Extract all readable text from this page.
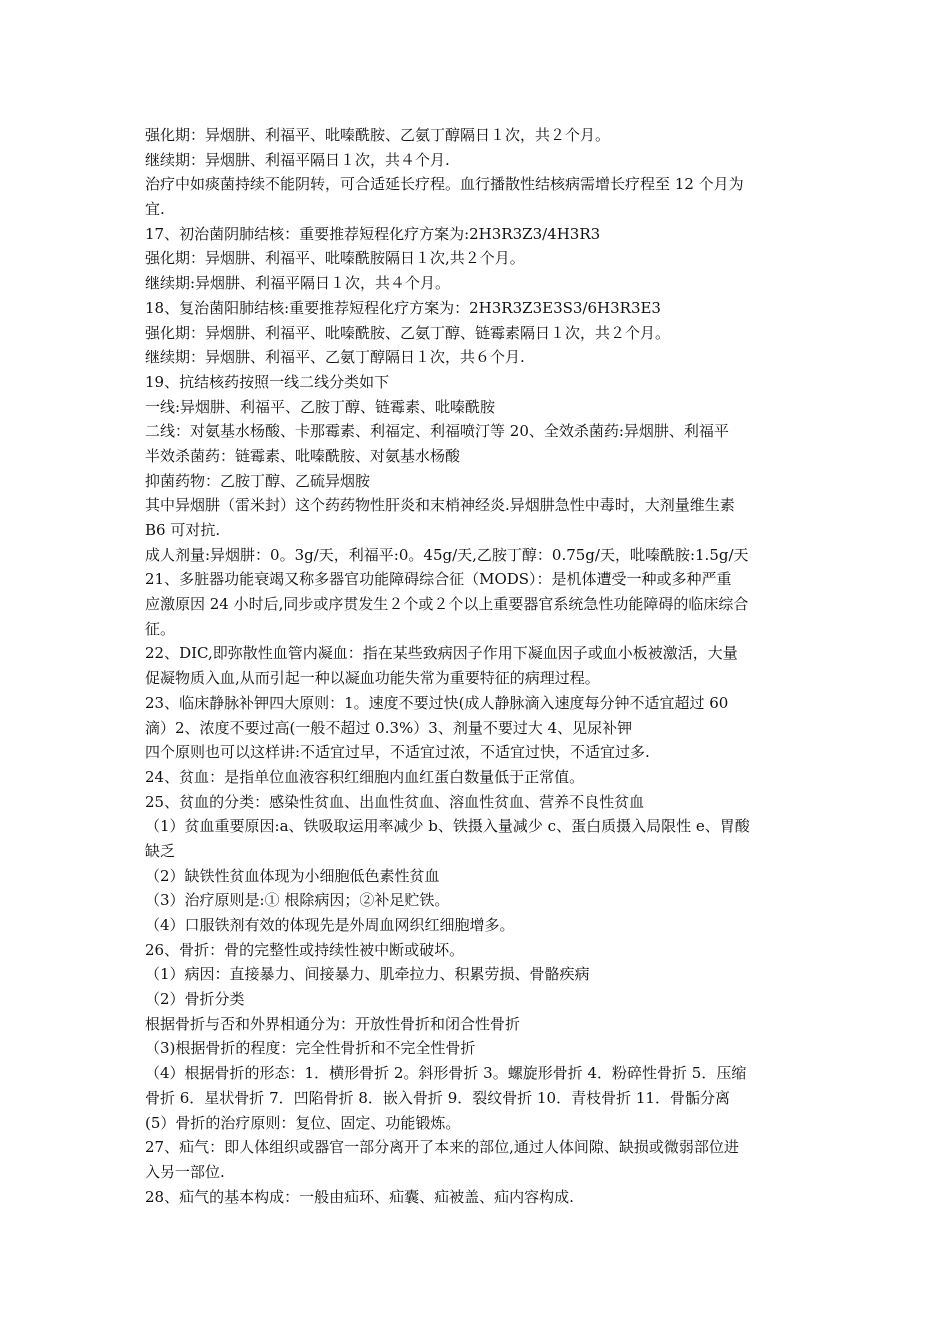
强化期：异烟肼、利福平、吡嗪酰胺、乙氨丁醇隔日１次，共２个月。
继续期：异烟肼、利福平隔日１次，共４个月.
治疗中如痰菌持续不能阴转，可合适延长疗程。血行播散性结核病需增长疗程至 12 个月为
宜.
17、初治菌阴肺结核：重要推荐短程化疗方案为:2H3R3Z3/4H3R3
强化期：异烟肼、利福平、吡嗪酰胺隔日１次,共２个月。
继续期:异烟肼、利福平隔日１次，共４个月。
18、复治菌阳肺结核:重要推荐短程化疗方案为：2H3R3Z3E3S3/6H3R3E3
强化期：异烟肼、利福平、吡嗪酰胺、乙氨丁醇、链霉素隔日１次，共２个月。
继续期：异烟肼、利福平、乙氨丁醇隔日１次，共６个月.
19、抗结核药按照一线二线分类如下
一线:异烟肼、利福平、乙胺丁醇、链霉素、吡嗪酰胺
二线：对氨基水杨酸、卡那霉素、利福定、利福喷汀等 20、全效杀菌药:异烟肼、利福平
半效杀菌药：链霉素、吡嗪酰胺、对氨基水杨酸
抑菌药物：乙胺丁醇、乙硫异烟胺
其中异烟肼（雷米封）这个药药物性肝炎和末梢神经炎.异烟肼急性中毒时，大剂量维生素
B6 可对抗.
成人剂量:异烟肼：0。3g/天，利福平:0。45g/天,乙胺丁醇：0.75g/天，吡嗪酰胺:1.5g/天
21、多脏器功能衰竭又称多器官功能障碍综合征（MODS）：是机体遭受一种或多种严重
应激原因 24 小时后,同步或序贯发生２个或２个以上重要器官系统急性功能障碍的临床综合
征。
22、DIC,即弥散性血管内凝血：指在某些致病因子作用下凝血因子或血小板被激活，大量
促凝物质入血,从而引起一种以凝血功能失常为重要特征的病理过程。
23、临床静脉补钾四大原则：1。速度不要过快(成人静脉滴入速度每分钟不适宜超过 60
滴）2、浓度不要过高(一般不超过 0.3%）3、剂量不要过大 4、见尿补钾
四个原则也可以这样讲:不适宜过早，不适宜过浓，不适宜过快，不适宜过多.
24、贫血：是指单位血液容积红细胞内血红蛋白数量低于正常值。
25、贫血的分类：感染性贫血、出血性贫血、溶血性贫血、营养不良性贫血
（1）贫血重要原因:a、铁吸取运用率减少 b、铁摄入量减少 c、蛋白质摄入局限性 e、胃酸
缺乏
（2）缺铁性贫血体现为小细胞低色素性贫血
（3）治疗原则是:① 根除病因；②补足贮铁。
（4）口服铁剂有效的体现先是外周血网织红细胞增多。
26、骨折：骨的完整性或持续性被中断或破坏。
（1）病因：直接暴力、间接暴力、肌牵拉力、积累劳损、骨骼疾病
（2）骨折分类
根据骨折与否和外界相通分为：开放性骨折和闭合性骨折
（3)根据骨折的程度：完全性骨折和不完全性骨折
（4）根据骨折的形态：1．横形骨折 2。斜形骨折 3。螺旋形骨折 4．粉碎性骨折 5．压缩
骨折 6．星状骨折 7．凹陷骨折 8．嵌入骨折 9．裂纹骨折 10．青枝骨折 11．骨骺分离
(5）骨折的治疗原则：复位、固定、功能锻炼。
27、疝气：即人体组织或器官一部分离开了本来的部位,通过人体间隙、缺损或微弱部位进
入另一部位.
28、疝气的基本构成：一般由疝环、疝囊、疝被盖、疝内容构成.
